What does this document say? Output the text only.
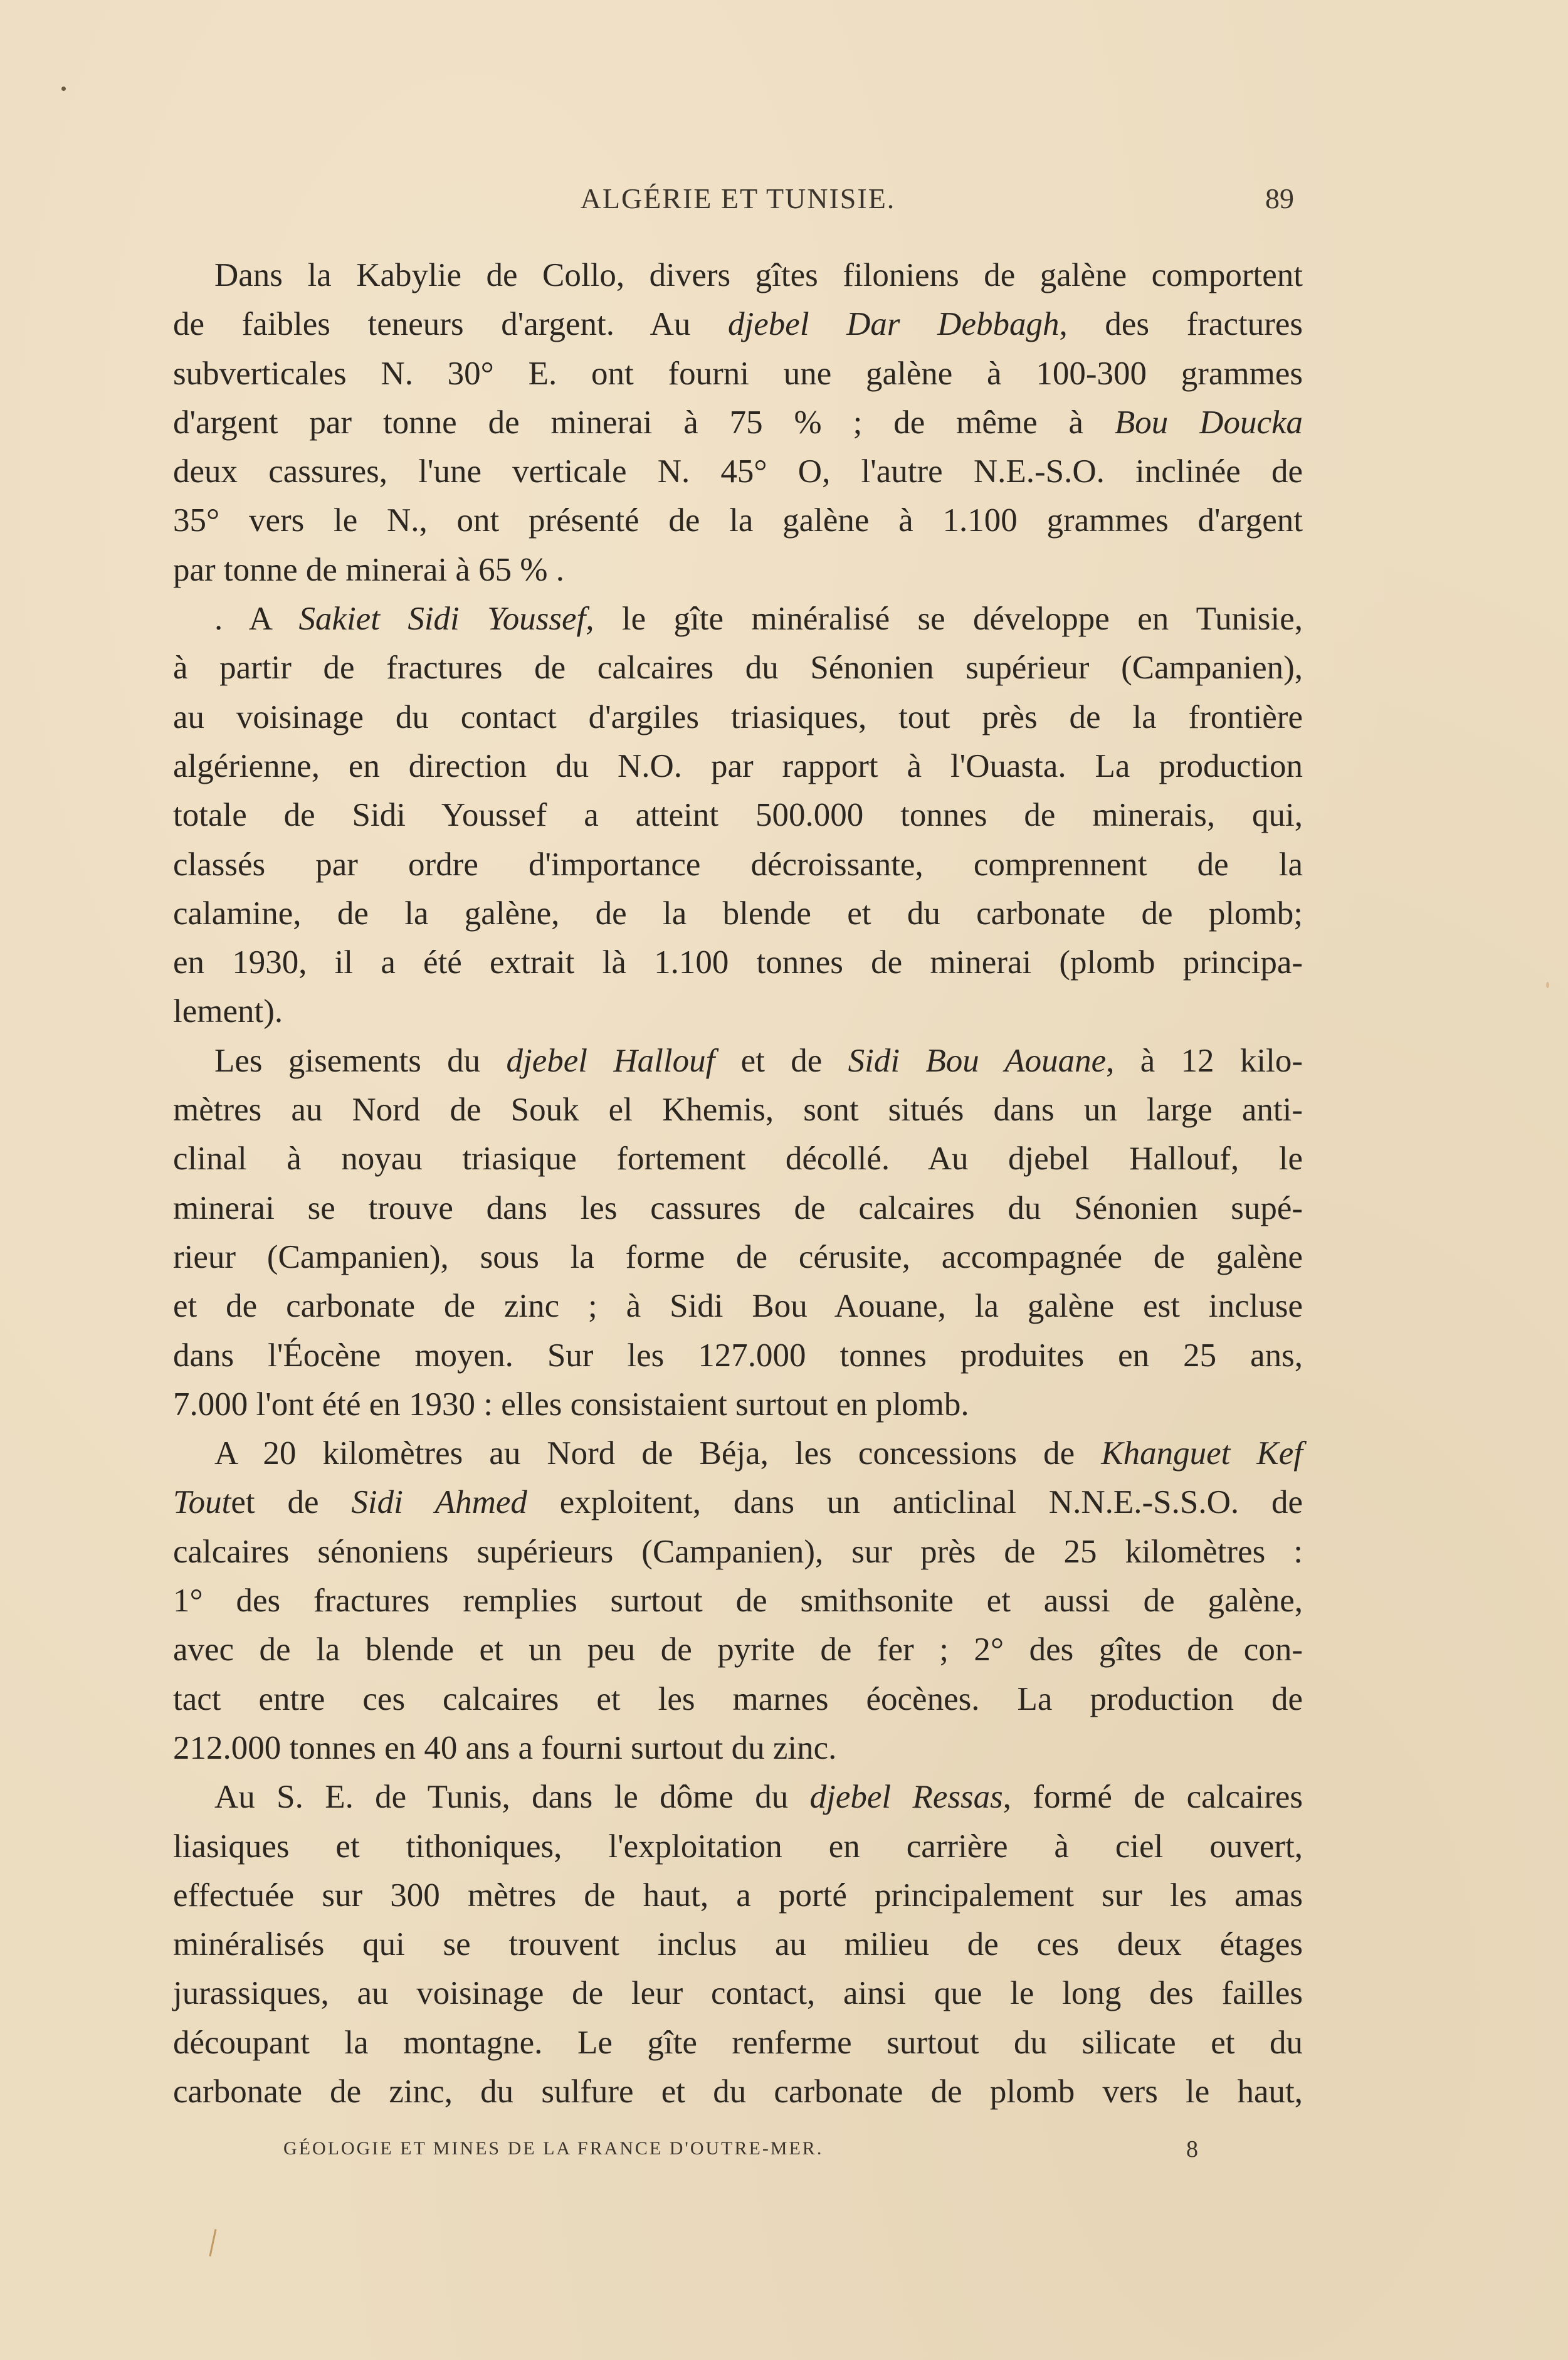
ALGÉRIE ET TUNISIE.	89
Dans la Kabylie de Collo, divers gîtes filoniens de galène comportent
de faibles teneurs d'argent. Au djebel Dar Debbagh, des fractures
subverticales N. 30° E. ont fourni une galène à 100-300 grammes
d'argent par tonne de minerai à 75 % ; de même à Bou Doucka
deux cassures, l'une verticale N. 45° O, l'autre N.E.-S.O. inclinée de
35° vers le N., ont présenté de la galène à 1.100 grammes d'argent
par tonne de minerai à 65 % .
. A Sakiet Sidi Youssef, le gîte minéralisé se développe en Tunisie,
à partir de fractures de calcaires du Sénonien supérieur (Campanien),
au voisinage du contact d'argiles triasiques, tout près de la frontière
algérienne, en direction du N.O. par rapport à l'Ouasta. La production
totale de Sidi Youssef a atteint 500.000 tonnes de minerais, qui,
classés par ordre d'importance décroissante, comprennent de la
calamine, de la galène, de la blende et du carbonate de plomb;
en 1930, il a été extrait là 1.100 tonnes de minerai (plomb principa-
lement).
Les gisements du djebel Hallouf et de Sidi Bou Aouane, à 12 kilo-
mètres au Nord de Souk el Khemis, sont situés dans un large anti-
clinal à noyau triasique fortement décollé. Au djebel Hallouf, le
minerai se trouve dans les cassures de calcaires du Sénonien supé-
rieur (Campanien), sous la forme de cérusite, accompagnée de galène
et de carbonate de zinc ; à Sidi Bou Aouane, la galène est incluse
dans l'Éocène moyen. Sur les 127.000 tonnes produites en 25 ans,
7.000 l'ont été en 1930 : elles consistaient surtout en plomb.
A 20 kilomètres au Nord de Béja, les concessions de Khanguet Kef
Toutet de Sidi Ahmed exploitent, dans un anticlinal N.N.E.-S.S.O. de
calcaires sénoniens supérieurs (Campanien), sur près de 25 kilomètres :
1° des fractures remplies surtout de smithsonite et aussi de galène,
avec de la blende et un peu de pyrite de fer ; 2° des gîtes de con-
tact entre ces calcaires et les marnes éocènes. La production de
212.000 tonnes en 40 ans a fourni surtout du zinc.
Au S. E. de Tunis, dans le dôme du djebel Ressas, formé de calcaires
liasiques et tithoniques, l'exploitation en carrière à ciel ouvert,
effectuée sur 300 mètres de haut, a porté principalement sur les amas
minéralisés qui se trouvent inclus au milieu de ces deux étages
jurassiques, au voisinage de leur contact, ainsi que le long des failles
découpant la montagne. Le gîte renferme surtout du silicate et du
carbonate de zinc, du sulfure et du carbonate de plomb vers le haut,
GÉOLOGIE ET MINES DE LA FRANCE D'OUTRE-MER.	8
